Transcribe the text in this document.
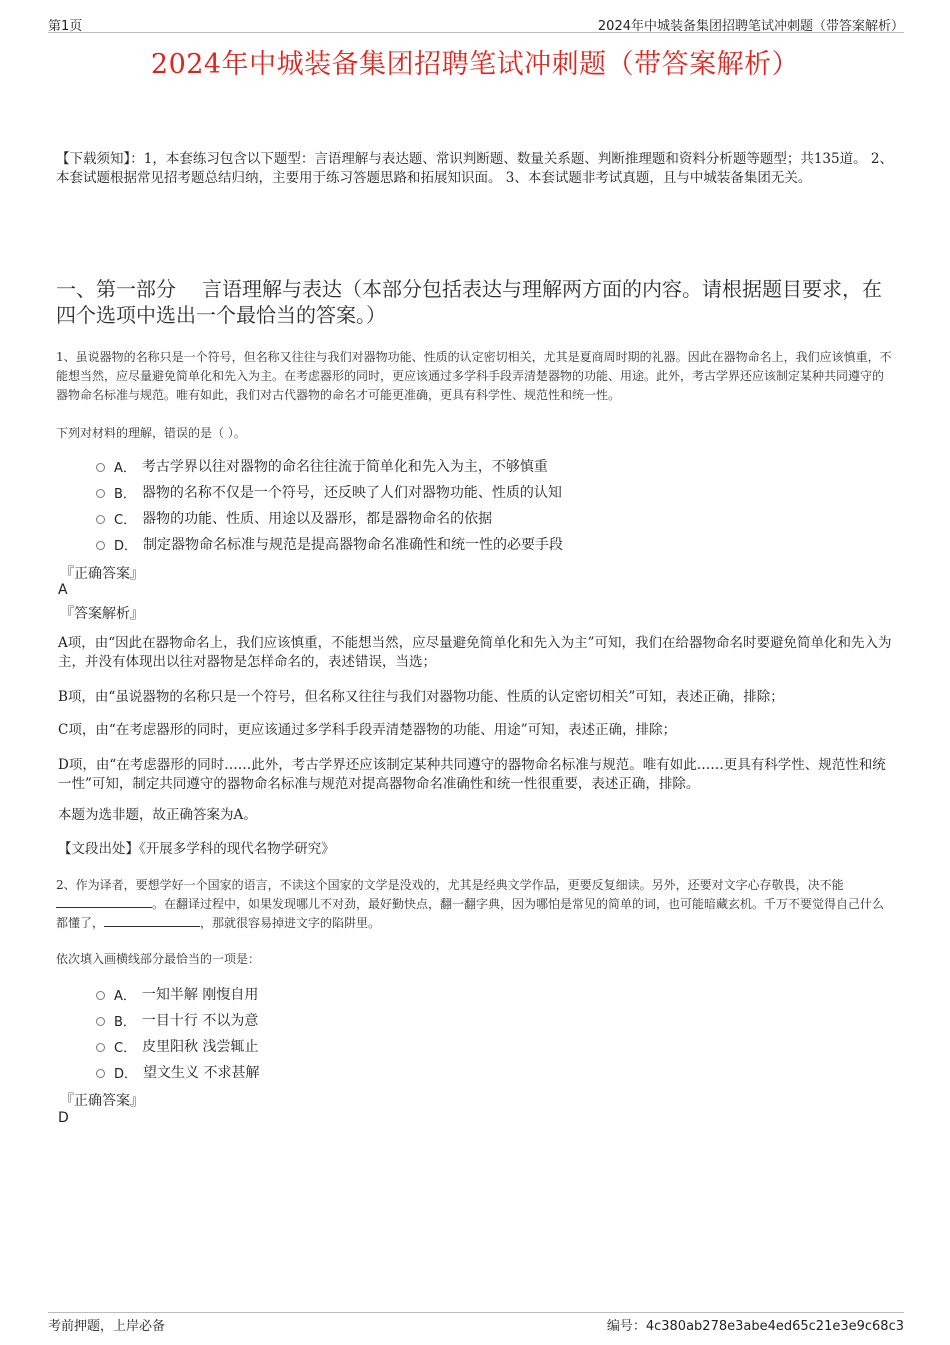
第1页	2024年中城装备集团招聘笔试冲刺题（带答案解析）
2024年中城装备集团招聘笔试冲刺题（带答案解析）
【下载须知】：1，本套练习包含以下题型：言语理解与表达题、常识判断题、数量关系题、判断推理题和资料分析题等题型；共135道。 2、本套试题根据常见招考题总结归纳，主要用于练习答题思路和拓展知识面。 3、本套试题非考试真题，且与中城装备集团无关。
一、第一部分 言语理解与表达（本部分包括表达与理解两方面的内容。请根据题目要求，在四个选项中选出一个最恰当的答案。）
1、虽说器物的名称只是一个符号，但名称又往往与我们对器物功能、性质的认定密切相关，尤其是夏商周时期的礼器。因此在器物命名上，我们应该慎重，不能想当然，应尽量避免简单化和先入为主。在考虑器形的同时，更应该通过多学科手段弄清楚器物的功能、用途。此外，考古学界还应该制定某种共同遵守的器物命名标准与规范。唯有如此，我们对古代器物的命名才可能更准确，更具有科学性、规范性和统一性。
下列对材料的理解，错误的是（ ）。
A． 考古学界以往对器物的命名往往流于简单化和先入为主，不够慎重
B． 器物的名称不仅是一个符号，还反映了人们对器物功能、性质的认知
C． 器物的功能、性质、用途以及器形，都是器物命名的依据
D． 制定器物命名标准与规范是提高器物命名准确性和统一性的必要手段
『正确答案』
A
『答案解析』
A项，由“因此在器物命名上，我们应该慎重，不能想当然，应尽量避免简单化和先入为主”可知，我们在给器物命名时要避免简单化和先入为主，并没有体现出以往对器物是怎样命名的，表述错误，当选；
B项，由“虽说器物的名称只是一个符号，但名称又往往与我们对器物功能、性质的认定密切相关”可知，表述正确，排除；
C项，由“在考虑器形的同时，更应该通过多学科手段弄清楚器物的功能、用途”可知，表述正确，排除；
D项，由“在考虑器形的同时……此外，考古学界还应该制定某种共同遵守的器物命名标准与规范。唯有如此……更具有科学性、规范性和统一性”可知，制定共同遵守的器物命名标准与规范对提高器物命名准确性和统一性很重要，表述正确，排除。
本题为选非题，故正确答案为A。
【文段出处】《开展多学科的现代名物学研究》
2、作为译者，要想学好一个国家的语言，不读这个国家的文学是没戏的，尤其是经典文学作品，更要反复细读。另外，还要对文字心存敬畏，决不能。在翻译过程中，如果发现哪儿不对劲，最好勤快点，翻一翻字典，因为哪怕是常见的简单的词，也可能暗藏玄机。千万不要觉得自己什么都懂了，	，那就很容易掉进文字的陷阱里。
依次填入画横线部分最恰当的一项是：
A． 一知半解 刚愎自用
B． 一目十行 不以为意
C． 皮里阳秋 浅尝辄止
D． 望文生义 不求甚解
『正确答案』
D
考前押题，上岸必备	编号：4c380ab278e3abe4ed65c21e3e9c68c3
